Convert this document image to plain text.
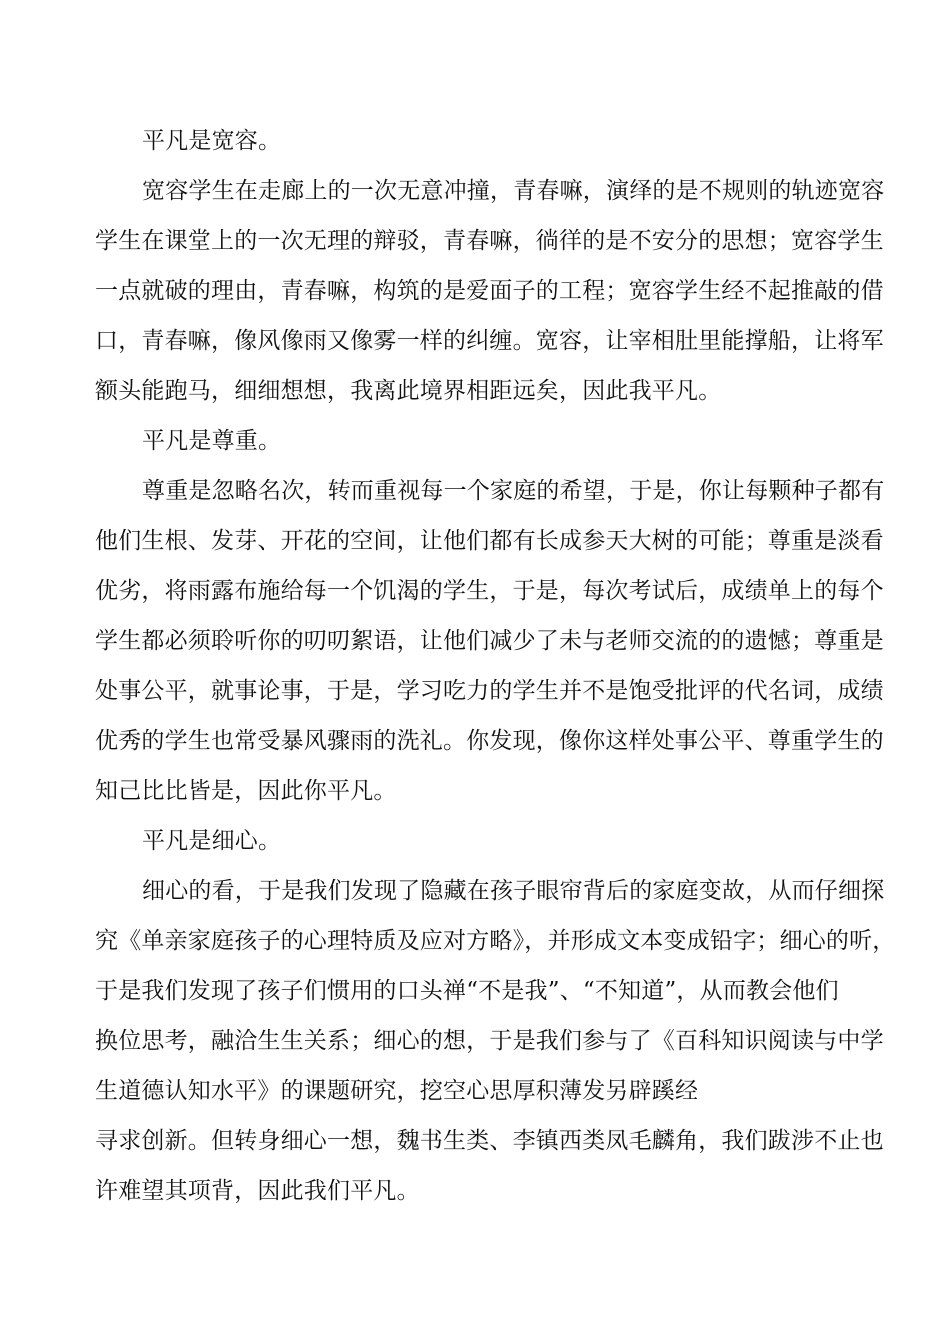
平凡是宽容。
宽容学生在走廊上的一次无意冲撞，青春嘛，演绎的是不规则的轨迹宽容
学生在课堂上的一次无理的辩驳，青春嘛，徜徉的是不安分的思想；宽容学生
一点就破的理由，青春嘛，构筑的是爱面子的工程；宽容学生经不起推敲的借
口，青春嘛，像风像雨又像雾一样的纠缠。宽容，让宰相肚里能撑船，让将军
额头能跑马，细细想想，我离此境界相距远矣，因此我平凡。
平凡是尊重。
尊重是忽略名次，转而重视每一个家庭的希望，于是，你让每颗种子都有
他们生根、发芽、开花的空间，让他们都有长成参天大树的可能；尊重是淡看
优劣，将雨露布施给每一个饥渴的学生，于是，每次考试后，成绩单上的每个
学生都必须聆听你的叨叨絮语，让他们减少了未与老师交流的的遗憾；尊重是
处事公平，就事论事，于是，学习吃力的学生并不是饱受批评的代名词，成绩
优秀的学生也常受暴风骤雨的洗礼。你发现，像你这样处事公平、尊重学生的
知己比比皆是，因此你平凡。
平凡是细心。
细心的看，于是我们发现了隐藏在孩子眼帘背后的家庭变故，从而仔细探
究《单亲家庭孩子的心理特质及应对方略》，并形成文本变成铅字；细心的听，
于是我们发现了孩子们惯用的口头禅“不是我”、“不知道”，从而教会他们
换位思考，融洽生生关系；细心的想，于是我们参与了《百科知识阅读与中学
生道德认知水平》的课题研究，挖空心思厚积薄发另辟蹊经
寻求创新。但转身细心一想，魏书生类、李镇西类凤毛麟角，我们跋涉不止也
许难望其项背，因此我们平凡。
